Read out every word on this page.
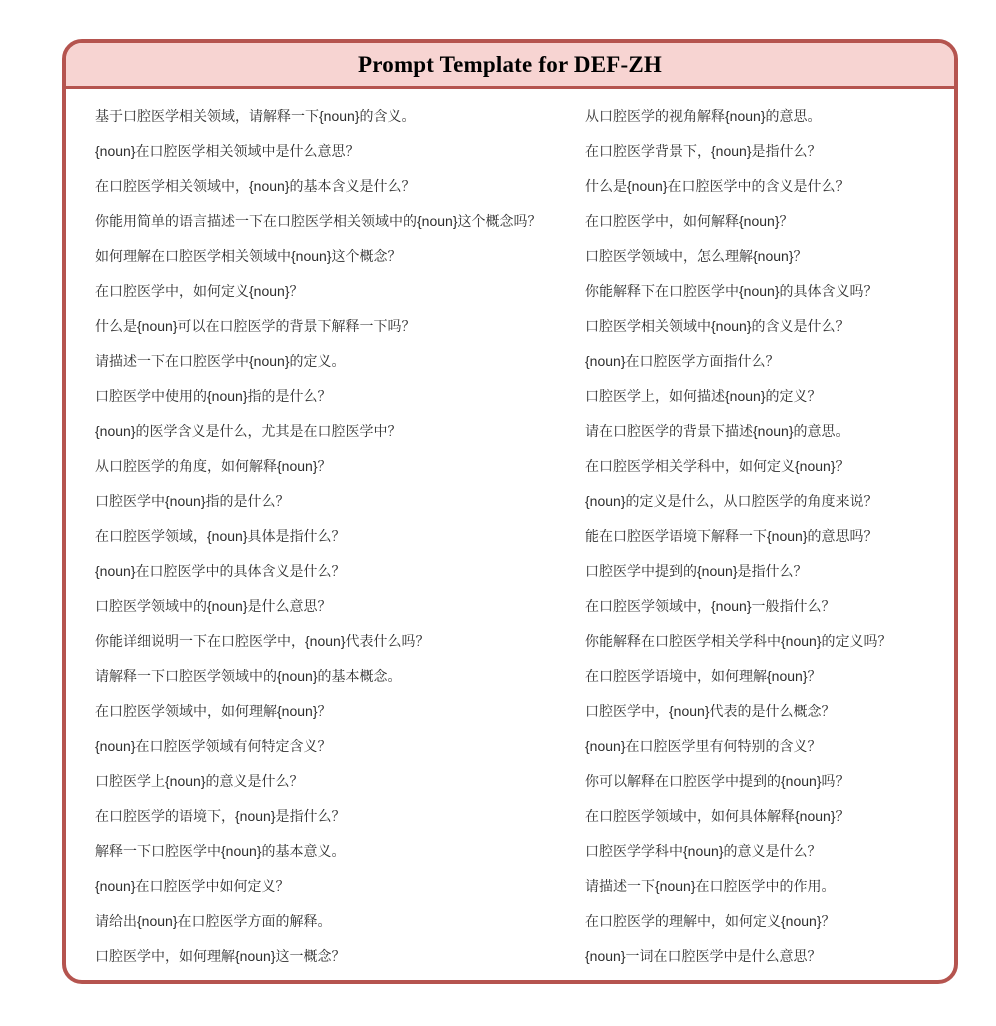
Prompt Template for DEF-ZH
基于口腔医学相关领域，请解释一下{noun}的含义。
{noun}在口腔医学相关领域中是什么意思？
在口腔医学相关领域中，{noun}的基本含义是什么？
你能用简单的语言描述一下在口腔医学相关领域中的{noun}这个概念吗？
如何理解在口腔医学相关领域中{noun}这个概念？
在口腔医学中，如何定义{noun}？
什么是{noun}可以在口腔医学的背景下解释一下吗？
请描述一下在口腔医学中{noun}的定义。
口腔医学中使用的{noun}指的是什么？
{noun}的医学含义是什么，尤其是在口腔医学中？
从口腔医学的角度，如何解释{noun}？
口腔医学中{noun}指的是什么？
在口腔医学领域，{noun}具体是指什么？
{noun}在口腔医学中的具体含义是什么？
口腔医学领域中的{noun}是什么意思？
你能详细说明一下在口腔医学中，{noun}代表什么吗？
请解释一下口腔医学领域中的{noun}的基本概念。
在口腔医学领域中，如何理解{noun}？
{noun}在口腔医学领域有何特定含义？
口腔医学上{noun}的意义是什么？
在口腔医学的语境下，{noun}是指什么？
解释一下口腔医学中{noun}的基本意义。
{noun}在口腔医学中如何定义？
请给出{noun}在口腔医学方面的解释。
口腔医学中，如何理解{noun}这一概念？
从口腔医学的视角解释{noun}的意思。
在口腔医学背景下，{noun}是指什么？
什么是{noun}在口腔医学中的含义是什么？
在口腔医学中，如何解释{noun}？
口腔医学领域中，怎么理解{noun}？
你能解释下在口腔医学中{noun}的具体含义吗？
口腔医学相关领域中{noun}的含义是什么？
{noun}在口腔医学方面指什么？
口腔医学上，如何描述{noun}的定义？
请在口腔医学的背景下描述{noun}的意思。
在口腔医学相关学科中，如何定义{noun}？
{noun}的定义是什么，从口腔医学的角度来说？
能在口腔医学语境下解释一下{noun}的意思吗？
口腔医学中提到的{noun}是指什么？
在口腔医学领域中，{noun}一般指什么？
你能解释在口腔医学相关学科中{noun}的定义吗？
在口腔医学语境中，如何理解{noun}？
口腔医学中，{noun}代表的是什么概念？
{noun}在口腔医学里有何特别的含义？
你可以解释在口腔医学中提到的{noun}吗？
在口腔医学领域中，如何具体解释{noun}？
口腔医学学科中{noun}的意义是什么？
请描述一下{noun}在口腔医学中的作用。
在口腔医学的理解中，如何定义{noun}？
{noun}一词在口腔医学中是什么意思？
